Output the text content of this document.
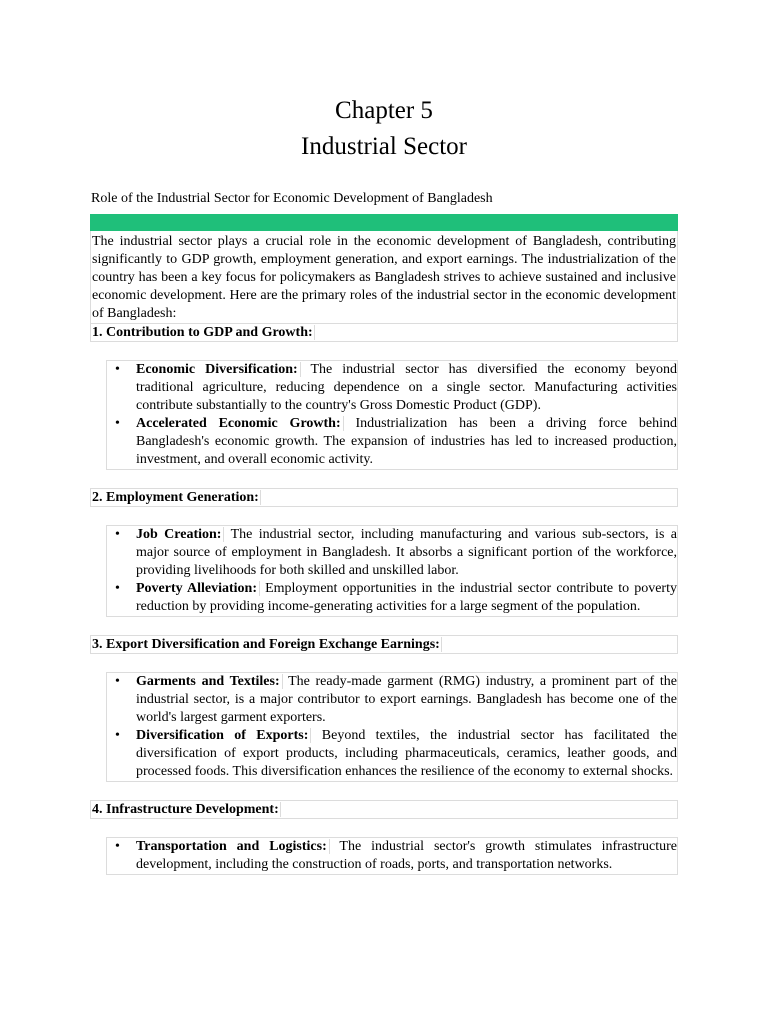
Chapter 5
Industrial Sector
Role of the Industrial Sector for Economic Development of Bangladesh

The industrial sector plays a crucial role in the economic development of Bangladesh, contributing significantly to GDP growth, employment generation, and export earnings. The industrialization of the country has been a key focus for policymakers as Bangladesh strives to achieve sustained and inclusive economic development. Here are the primary roles of the industrial sector in the economic development of Bangladesh:

1. Contribution to GDP and Growth:
• Economic Diversification: The industrial sector has diversified the economy beyond traditional agriculture, reducing dependence on a single sector. Manufacturing activities contribute substantially to the country's Gross Domestic Product (GDP).
• Accelerated Economic Growth: Industrialization has been a driving force behind Bangladesh's economic growth. The expansion of industries has led to increased production, investment, and overall economic activity.
2. Employment Generation:
• Job Creation: The industrial sector, including manufacturing and various sub-sectors, is a major source of employment in Bangladesh. It absorbs a significant portion of the workforce, providing livelihoods for both skilled and unskilled labor.
• Poverty Alleviation: Employment opportunities in the industrial sector contribute to poverty reduction by providing income-generating activities for a large segment of the population.
3. Export Diversification and Foreign Exchange Earnings:
• Garments and Textiles: The ready-made garment (RMG) industry, a prominent part of the industrial sector, is a major contributor to export earnings. Bangladesh has become one of the world's largest garment exporters.
• Diversification of Exports: Beyond textiles, the industrial sector has facilitated the diversification of export products, including pharmaceuticals, ceramics, leather goods, and processed foods. This diversification enhances the resilience of the economy to external shocks.
4. Infrastructure Development:
• Transportation and Logistics: The industrial sector's growth stimulates infrastructure development, including the construction of roads, ports, and transportation networks.
